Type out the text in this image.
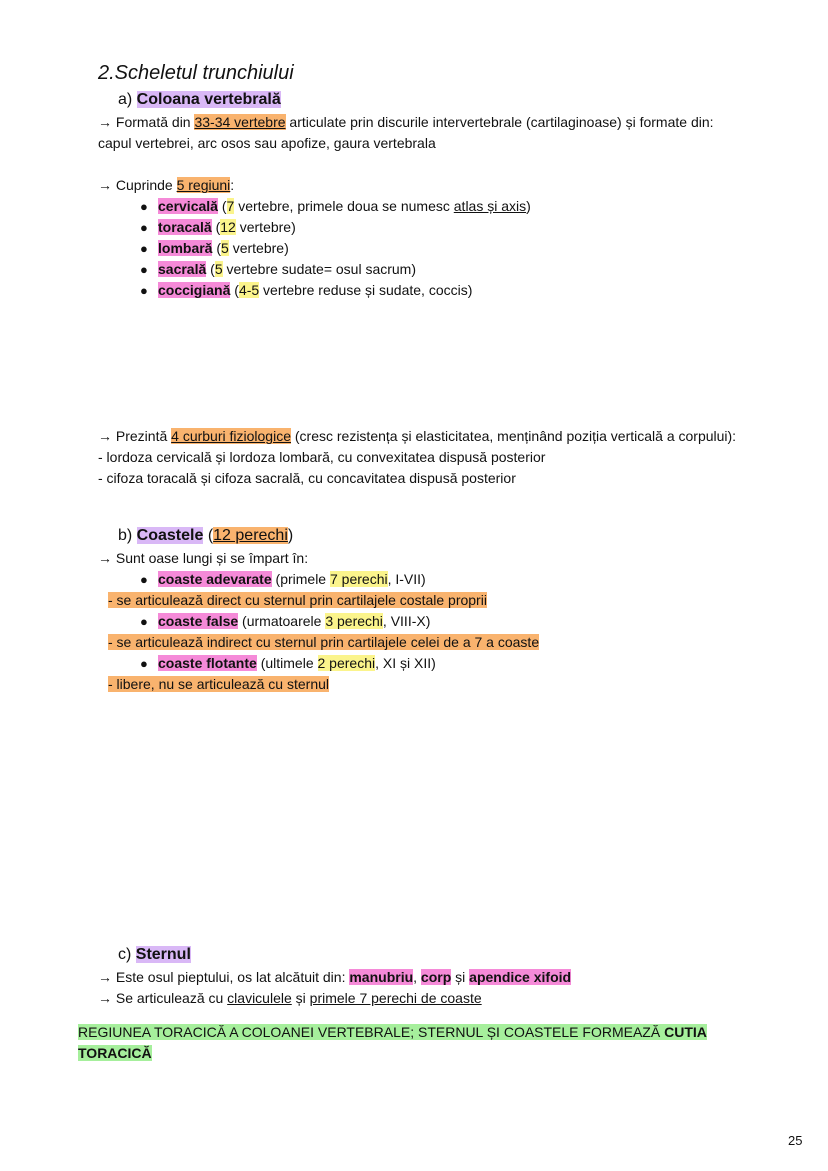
2.Scheletul trunchiului
a) Coloana vertebrală
→ Formată din 33-34 vertebre articulate prin discurile intervertebrale (cartilaginoase) și formate din:
capul vertebrei, arc osos sau apofize, gaura vertebrala
→ Cuprinde 5 regiuni:
● cervicală (7 vertebre, primele doua se numesc atlas și axis)
● toracală (12 vertebre)
● lombară (5 vertebre)
● sacrală (5 vertebre sudate= osul sacrum)
● coccigiană (4-5 vertebre reduse și sudate, coccis)
→ Prezintă 4 curburi fiziologice (cresc rezistența și elasticitatea, menținând poziția verticală a corpului):
- lordoza cervicală și lordoza lombară, cu convexitatea dispusă posterior
- cifoza toracală și cifoza sacrală, cu concavitatea dispusă posterior
b) Coastele (12 perechi)
→ Sunt oase lungi și se împart în:
● coaste adevarate (primele 7 perechi, I-VII)
- se articulează direct cu sternul prin cartilajele costale proprii
● coaste false (urmatoarele 3 perechi, VIII-X)
- se articulează indirect cu sternul prin cartilajele celei de a 7 a coaste
● coaste flotante (ultimele 2 perechi, XI și XII)
- libere, nu se articulează cu sternul
c) Sternul
→ Este osul pieptului, os lat alcătuit din: manubriu, corp și apendice xifoid
→ Se articulează cu claviculele și primele 7 perechi de coaste
REGIUNEA TORACICĂ A COLOANEI VERTEBRALE; STERNUL ȘI COASTELE FORMEAZĂ CUTIA
TORACICĂ
25
